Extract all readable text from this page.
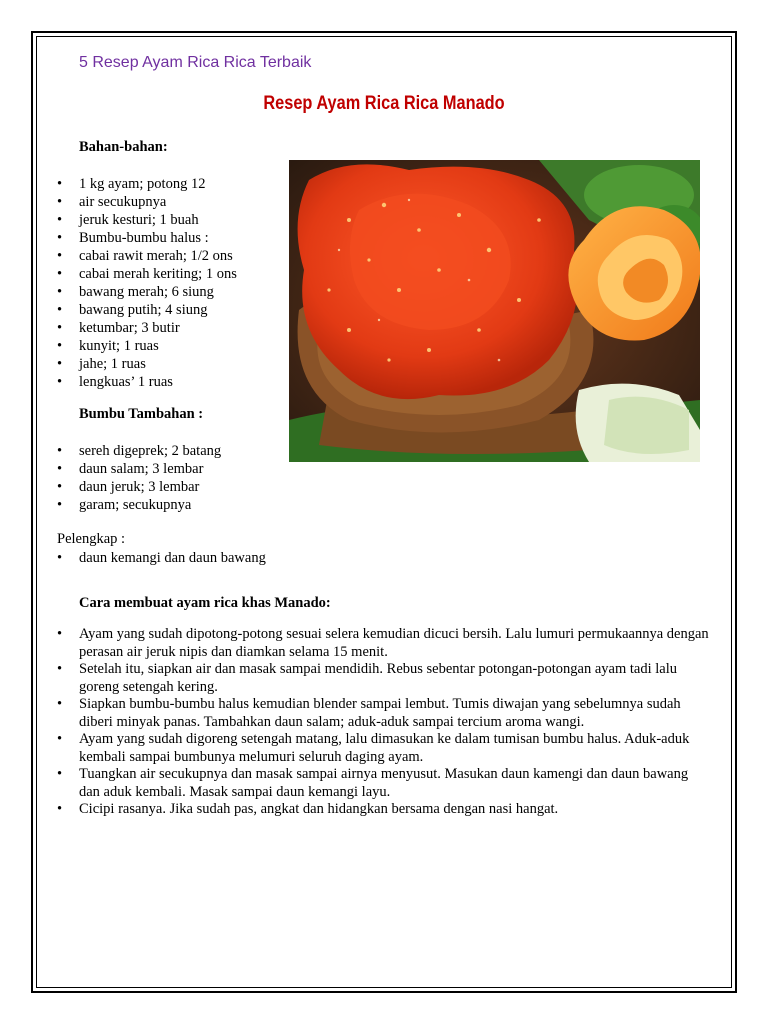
5 Resep Ayam Rica Rica Terbaik

Resep Ayam Rica Rica Manado

Bahan-bahan:

• 1 kg ayam; potong 12
• air secukupnya
• jeruk kesturi; 1 buah
• Bumbu-bumbu halus :
• cabai rawit merah; 1/2 ons
• cabai merah keriting; 1 ons
• bawang merah; 6 siung
• bawang putih; 4 siung
• ketumbar; 3 butir
• kunyit; 1 ruas
• jahe; 1 ruas
• lengkuas’ 1 ruas

Bumbu Tambahan :

• sereh digeprek; 2 batang
• daun salam; 3 lembar
• daun jeruk; 3 lembar
• garam; secukupnya

Pelengkap :

• daun kemangi dan daun bawang

Cara membuat ayam rica khas Manado:

• Ayam yang sudah dipotong-potong sesuai selera kemudian dicuci bersih. Lalu lumuri permukaannya dengan perasan air jeruk nipis dan diamkan selama 15 menit.
• Setelah itu, siapkan air dan masak sampai mendidih. Rebus sebentar potongan-potongan ayam tadi lalu goreng setengah kering.
• Siapkan bumbu-bumbu halus kemudian blender sampai lembut. Tumis diwajan yang sebelumnya sudah diberi minyak panas. Tambahkan daun salam; aduk-aduk sampai tercium aroma wangi.
• Ayam yang sudah digoreng setengah matang, lalu dimasukan ke dalam tumisan bumbu halus. Aduk-aduk kembali sampai bumbunya melumuri seluruh daging ayam.
• Tuangkan air secukupnya dan masak sampai airnya menyusut. Masukan daun kamengi dan daun bawang dan aduk kembali. Masak sampai daun kemangi layu.
• Cicipi rasanya. Jika sudah pas, angkat dan hidangkan bersama dengan nasi hangat.
